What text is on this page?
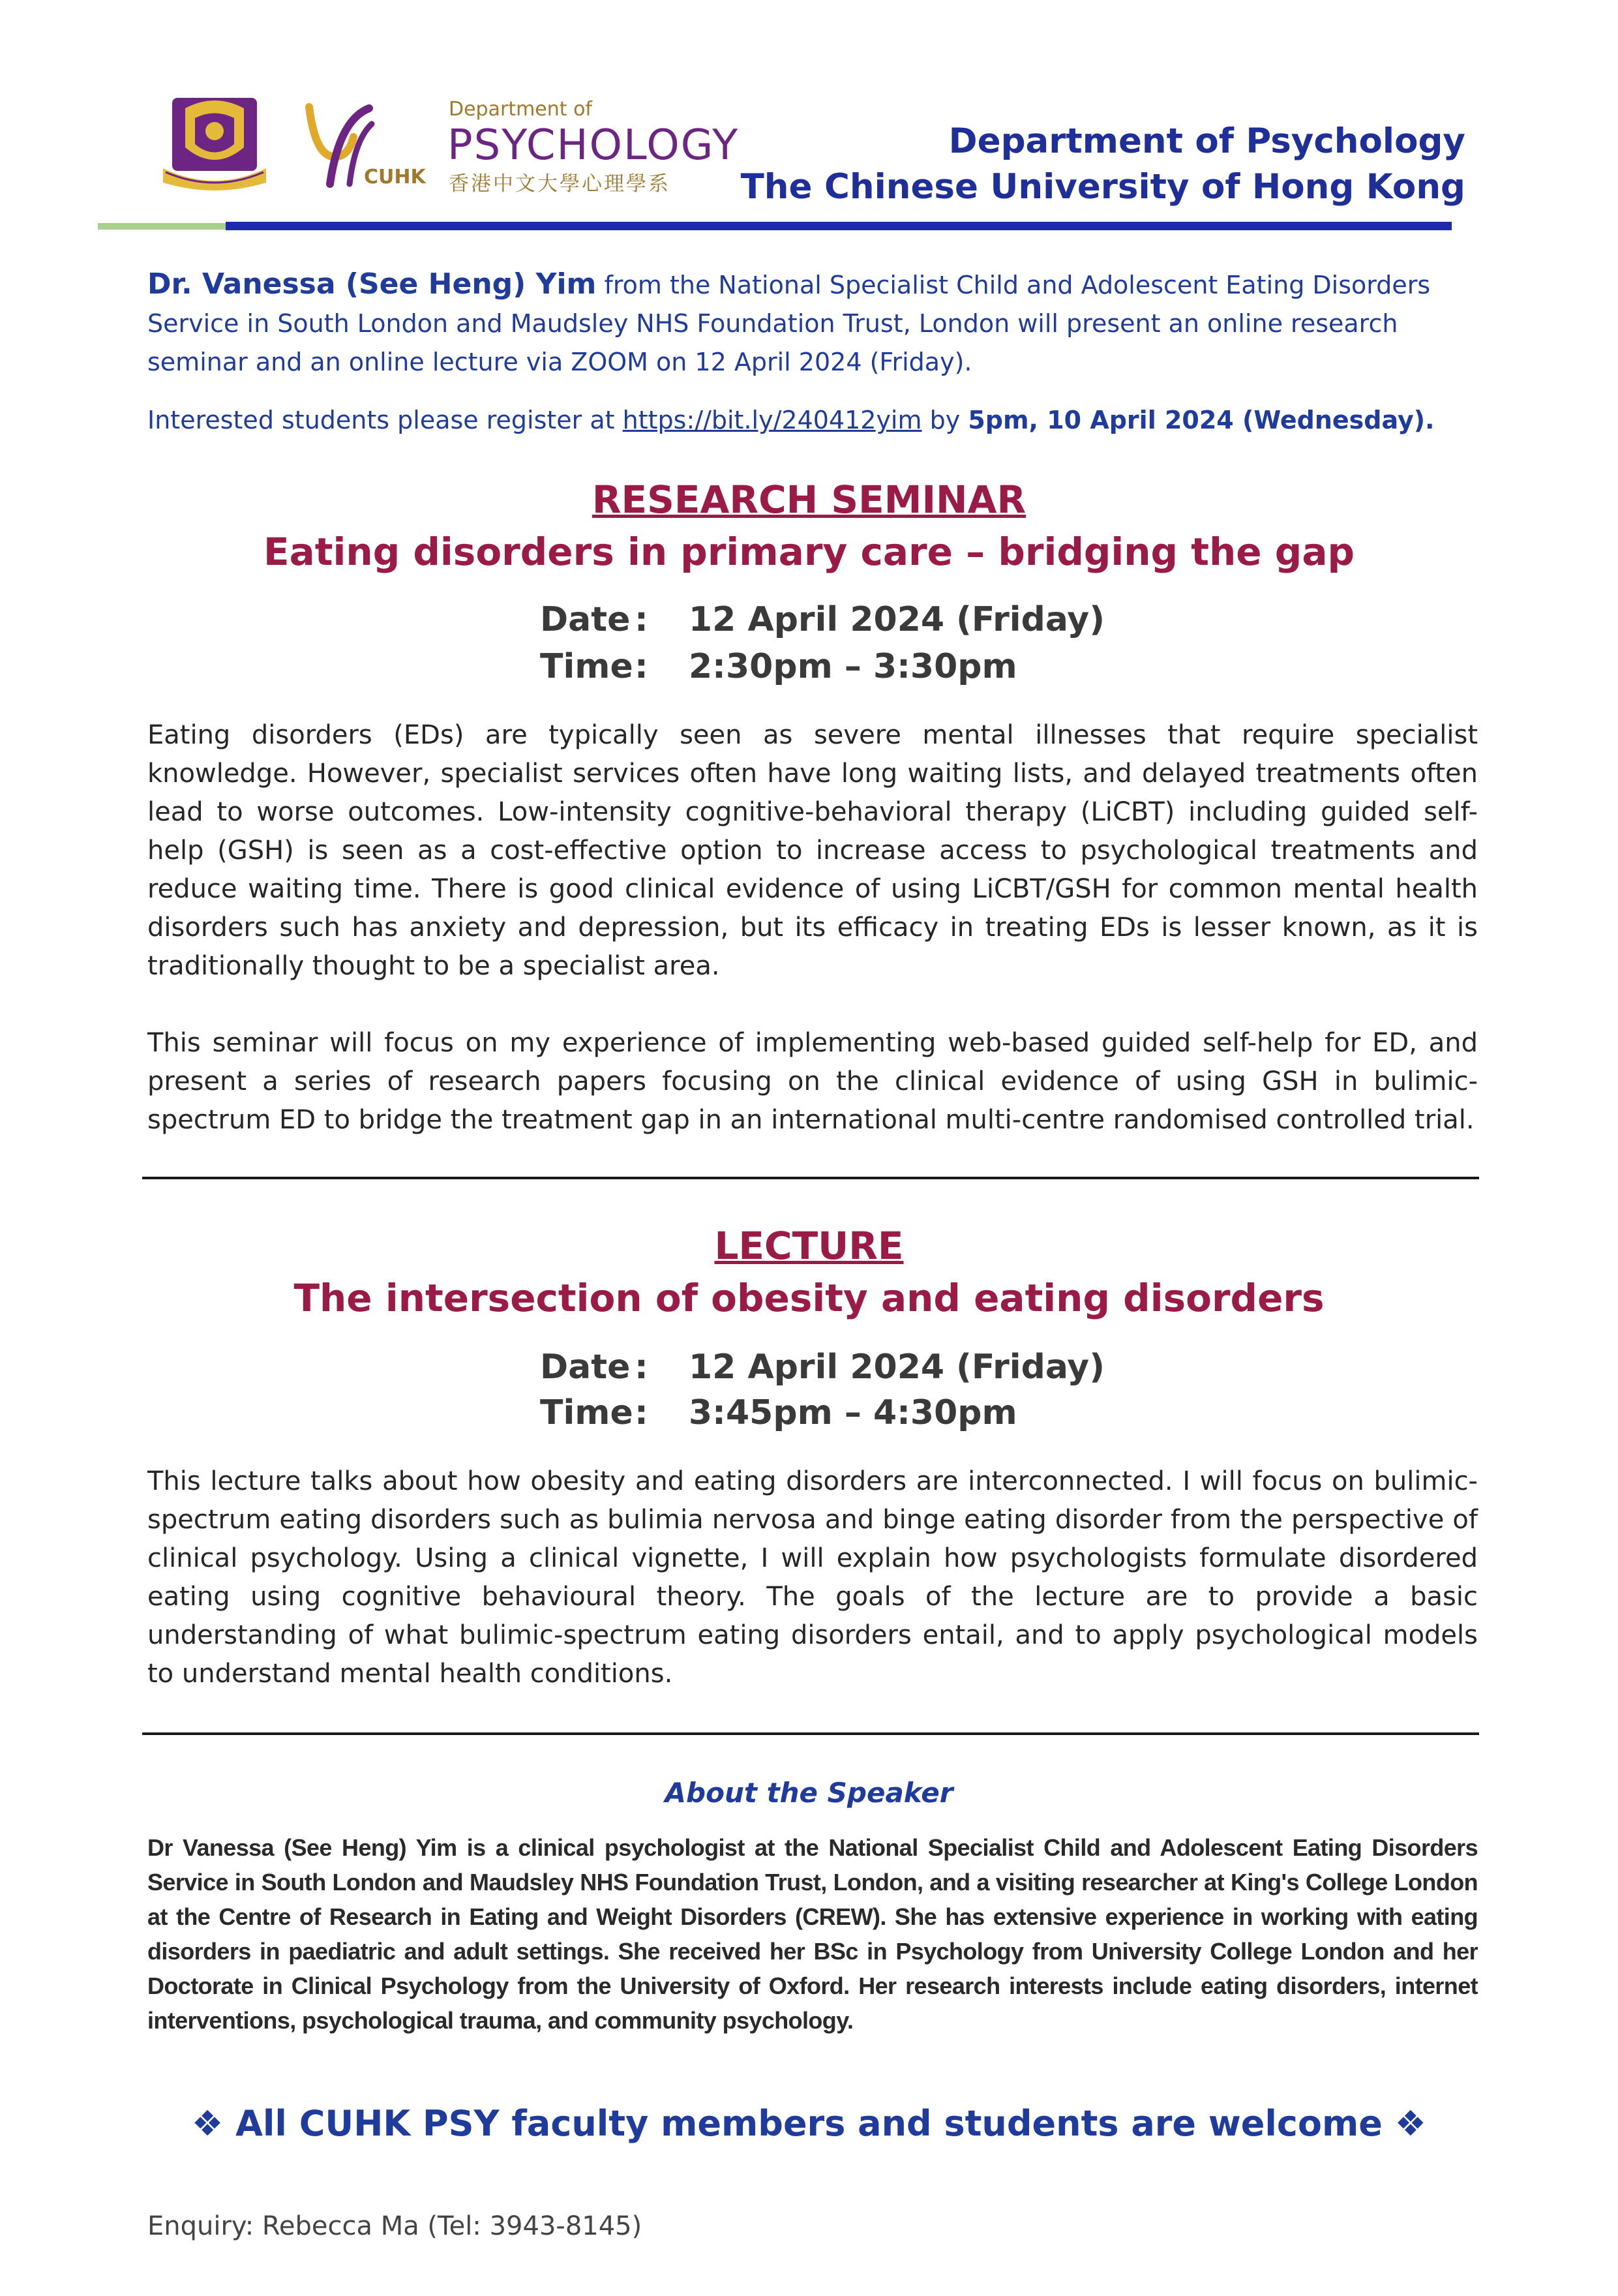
CUHK
Department of
PSYCHOLOGY
香港中文大學心理學系
Department of Psychology
The Chinese University of Hong Kong
Dr. Vanessa (See Heng) Yim from the National Specialist Child and Adolescent Eating Disorders Service in South London and Maudsley NHS Foundation Trust, London will present an online research seminar and an online lecture via ZOOM on 12 April 2024 (Friday).
Interested students please register at https://bit.ly/240412yim by 5pm, 10 April 2024 (Wednesday).
RESEARCH SEMINAR
Eating disorders in primary care – bridging the gap
Date : 12 April 2024 (Friday)
Time : 2:30pm – 3:30pm

Eating disorders (EDs) are typically seen as severe mental illnesses that require specialist knowledge. However, specialist services often have long waiting lists, and delayed treatments often lead to worse outcomes. Low-intensity cognitive-behavioral therapy (LiCBT) including guided self-help (GSH) is seen as a cost-effective option to increase access to psychological treatments and reduce waiting time. There is good clinical evidence of using LiCBT/GSH for common mental health disorders such has anxiety and depression, but its efficacy in treating EDs is lesser known, as it is traditionally thought to be a specialist area.

This seminar will focus on my experience of implementing web-based guided self-help for ED, and present a series of research papers focusing on the clinical evidence of using GSH in bulimic-spectrum ED to bridge the treatment gap in an international multi-centre randomised controlled trial.

LECTURE
The intersection of obesity and eating disorders
Date : 12 April 2024 (Friday)
Time : 3:45pm – 4:30pm

This lecture talks about how obesity and eating disorders are interconnected. I will focus on bulimic-spectrum eating disorders such as bulimia nervosa and binge eating disorder from the perspective of clinical psychology. Using a clinical vignette, I will explain how psychologists formulate disordered eating using cognitive behavioural theory. The goals of the lecture are to provide a basic understanding of what bulimic-spectrum eating disorders entail, and to apply psychological models to understand mental health conditions.

About the Speaker
Dr Vanessa (See Heng) Yim is a clinical psychologist at the National Specialist Child and Adolescent Eating Disorders Service in South London and Maudsley NHS Foundation Trust, London, and a visiting researcher at King's College London at the Centre of Research in Eating and Weight Disorders (CREW). She has extensive experience in working with eating disorders in paediatric and adult settings. She received her BSc in Psychology from University College London and her Doctorate in Clinical Psychology from the University of Oxford. Her research interests include eating disorders, internet interventions, psychological trauma, and community psychology.
❖ All CUHK PSY faculty members and students are welcome ❖
Enquiry: Rebecca Ma (Tel: 3943-8145)
